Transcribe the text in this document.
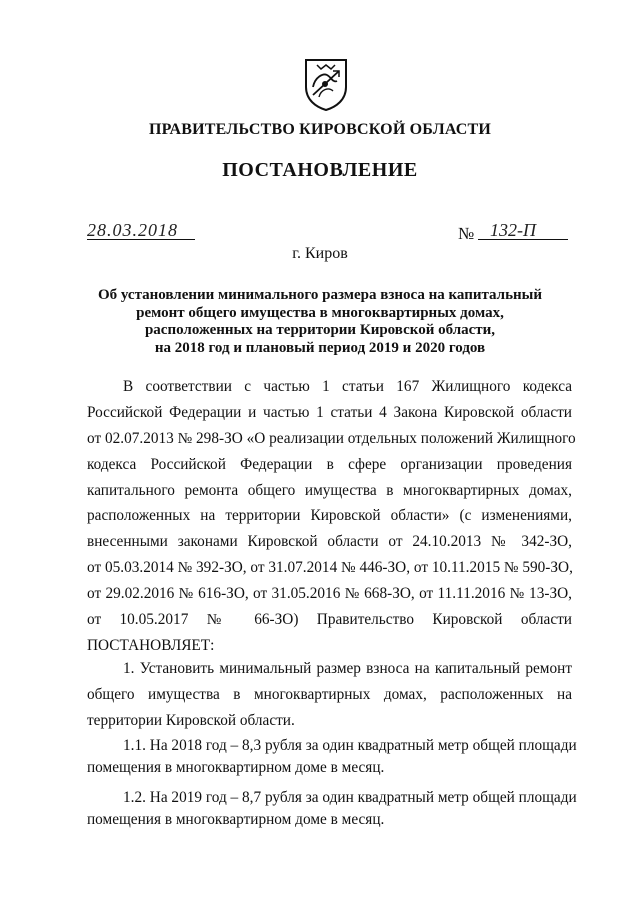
ПРАВИТЕЛЬСТВО КИРОВСКОЙ ОБЛАСТИ
ПОСТАНОВЛЕНИЕ
28.03.2018	№ 132-П
г. Киров
Об установлении минимального размера взноса на капитальный
ремонт общего имущества в многоквартирных домах,
расположенных на территории Кировской области,
на 2018 год и плановый период 2019 и 2020 годов
В соответствии с частью 1 статьи 167 Жилищного кодекса
Российской Федерации и частью 1 статьи 4 Закона Кировской области
от 02.07.2013 № 298-ЗО «О реализации отдельных положений Жилищного
кодекса Российской Федерации в сфере организации проведения
капитального ремонта общего имущества в многоквартирных домах,
расположенных на территории Кировской области» (с изменениями,
внесенными законами Кировской области от 24.10.2013 № 342-ЗО,
от 05.03.2014 № 392-ЗО, от 31.07.2014 № 446-ЗО, от 10.11.2015 № 590-ЗО,
от 29.02.2016 № 616-ЗО, от 31.05.2016 № 668-ЗО, от 11.11.2016 № 13-ЗО,
от 10.05.2017 № 66-ЗО) Правительство Кировской области
ПОСТАНОВЛЯЕТ:
1. Установить минимальный размер взноса на капитальный ремонт
общего имущества в многоквартирных домах, расположенных на
территории Кировской области.
1.1. На 2018 год – 8,3 рубля за один квадратный метр общей площади
помещения в многоквартирном доме в месяц.
1.2. На 2019 год – 8,7 рубля за один квадратный метр общей площади
помещения в многоквартирном доме в месяц.
